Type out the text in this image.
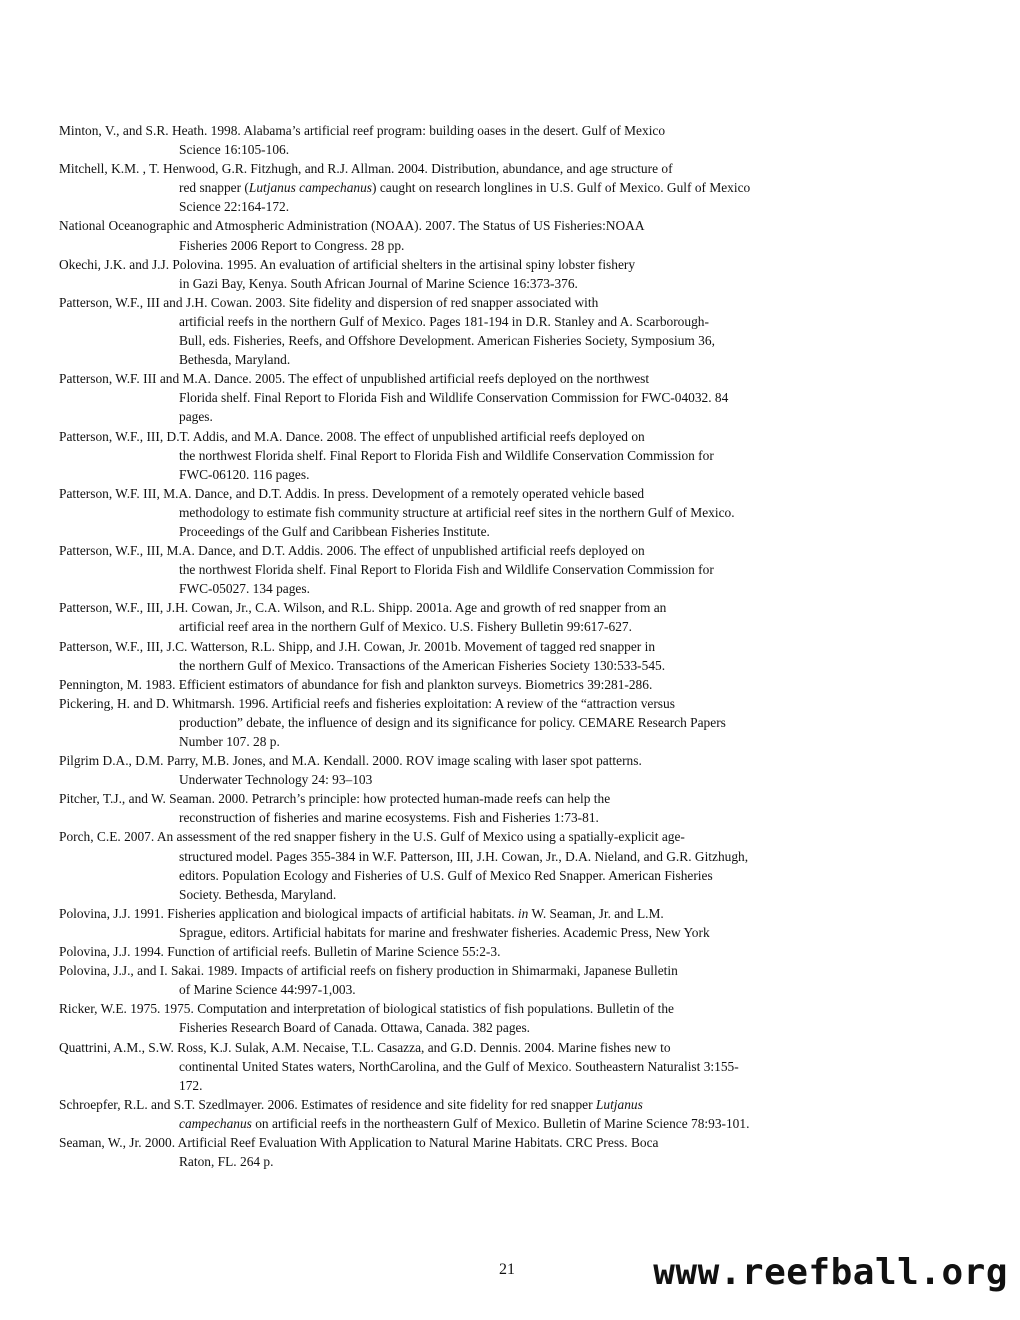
Minton, V., and S.R. Heath. 1998. Alabama’s artificial reef program: building oases in the desert. Gulf of Mexico
Science 16:105-106.
Mitchell, K.M. , T. Henwood, G.R. Fitzhugh, and R.J. Allman. 2004. Distribution, abundance, and age structure of
red snapper (Lutjanus campechanus) caught on research longlines in U.S. Gulf of Mexico. Gulf of Mexico
Science 22:164-172.
National Oceanographic and Atmospheric Administration (NOAA). 2007. The Status of US Fisheries:NOAA
Fisheries 2006 Report to Congress. 28 pp.
Okechi, J.K. and J.J. Polovina. 1995. An evaluation of artificial shelters in the artisinal spiny lobster fishery
in Gazi Bay, Kenya. South African Journal of Marine Science 16:373-376.
Patterson, W.F., III and J.H. Cowan. 2003. Site fidelity and dispersion of red snapper associated with
artificial reefs in the northern Gulf of Mexico. Pages 181-194 in D.R. Stanley and A. Scarborough-
Bull, eds. Fisheries, Reefs, and Offshore Development. American Fisheries Society, Symposium 36,
Bethesda, Maryland.
Patterson, W.F. III and M.A. Dance. 2005. The effect of unpublished artificial reefs deployed on the northwest
Florida shelf. Final Report to Florida Fish and Wildlife Conservation Commission for FWC-04032. 84
pages.
Patterson, W.F., III, D.T. Addis, and M.A. Dance. 2008. The effect of unpublished artificial reefs deployed on
the northwest Florida shelf. Final Report to Florida Fish and Wildlife Conservation Commission for
FWC-06120. 116 pages.
Patterson, W.F. III, M.A. Dance, and D.T. Addis. In press. Development of a remotely operated vehicle based
methodology to estimate fish community structure at artificial reef sites in the northern Gulf of Mexico.
Proceedings of the Gulf and Caribbean Fisheries Institute.
Patterson, W.F., III, M.A. Dance, and D.T. Addis. 2006. The effect of unpublished artificial reefs deployed on
the northwest Florida shelf. Final Report to Florida Fish and Wildlife Conservation Commission for
FWC-05027. 134 pages.
Patterson, W.F., III, J.H. Cowan, Jr., C.A. Wilson, and R.L. Shipp. 2001a. Age and growth of red snapper from an
artificial reef area in the northern Gulf of Mexico. U.S. Fishery Bulletin 99:617-627.
Patterson, W.F., III, J.C. Watterson, R.L. Shipp, and J.H. Cowan, Jr. 2001b. Movement of tagged red snapper in
the northern Gulf of Mexico. Transactions of the American Fisheries Society 130:533-545.
Pennington, M. 1983. Efficient estimators of abundance for fish and plankton surveys. Biometrics 39:281-286.
Pickering, H. and D. Whitmarsh. 1996. Artificial reefs and fisheries exploitation: A review of the “attraction versus
production” debate, the influence of design and its significance for policy. CEMARE Research Papers
Number 107. 28 p.
Pilgrim D.A., D.M. Parry, M.B. Jones, and M.A. Kendall. 2000. ROV image scaling with laser spot patterns.
Underwater Technology 24: 93–103
Pitcher, T.J., and W. Seaman. 2000. Petrarch’s principle: how protected human-made reefs can help the
reconstruction of fisheries and marine ecosystems. Fish and Fisheries 1:73-81.
Porch, C.E. 2007. An assessment of the red snapper fishery in the U.S. Gulf of Mexico using a spatially-explicit age-
structured model. Pages 355-384 in W.F. Patterson, III, J.H. Cowan, Jr., D.A. Nieland, and G.R. Gitzhugh,
editors. Population Ecology and Fisheries of U.S. Gulf of Mexico Red Snapper. American Fisheries
Society. Bethesda, Maryland.
Polovina, J.J. 1991. Fisheries application and biological impacts of artificial habitats. in W. Seaman, Jr. and L.M.
Sprague, editors. Artificial habitats for marine and freshwater fisheries. Academic Press, New York
Polovina, J.J. 1994. Function of artificial reefs. Bulletin of Marine Science 55:2-3.
Polovina, J.J., and I. Sakai. 1989. Impacts of artificial reefs on fishery production in Shimarmaki, Japanese Bulletin
of Marine Science 44:997-1,003.
Ricker, W.E. 1975. 1975. Computation and interpretation of biological statistics of fish populations. Bulletin of the
Fisheries Research Board of Canada. Ottawa, Canada. 382 pages.
Quattrini, A.M., S.W. Ross, K.J. Sulak, A.M. Necaise, T.L. Casazza, and G.D. Dennis. 2004. Marine fishes new to
continental United States waters, NorthCarolina, and the Gulf of Mexico. Southeastern Naturalist 3:155-
172.
Schroepfer, R.L. and S.T. Szedlmayer. 2006. Estimates of residence and site fidelity for red snapper Lutjanus
campechanus on artificial reefs in the northeastern Gulf of Mexico. Bulletin of Marine Science 78:93-101.
Seaman, W., Jr. 2000. Artificial Reef Evaluation With Application to Natural Marine Habitats. CRC Press. Boca
Raton, FL. 264 p.
21	www.reefball.org
